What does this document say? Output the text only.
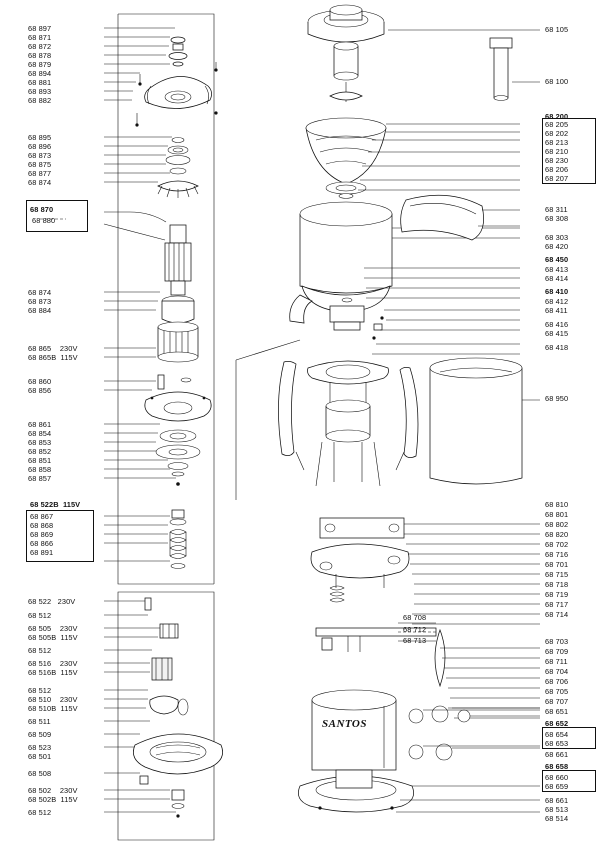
68 897
68 871
68 872
68 878
68 879
68 894
68 881
68 893
68 882
68 895
68 896
68 873
68 875
68 877
68 874
68 870
68 880
68 874
68 873
68 884
68 865    230V
68 865B  115V
68 860
68 856
68 861
68 854
68 853
68 852
68 851
68 858
68 857
68 522B  115V
68 867
68 868
68 869
68 866
68 891
68 522   230V
68 512
68 505    230V
68 505B  115V
68 512
68 516    230V
68 516B  115V
68 512
68 510    230V
68 510B  115V
68 511
68 509
68 523
68 501
68 508
68 502    230V
68 502B  115V
68 512
68 105
68 100
68 200
68 205
68 202
68 213
68 210
68 230
68 206
68 207
68 311
68 308
68 303
68 420
68 450
68 413
68 414
68 410
68 412
68 411
68 416
68 415
68 418
68 950
68 810
68 801
68 802
68 820
68 702
68 716
68 701
68 715
68 718
68 719
68 717
68 714
68 708
68 712
68 713	68 703
68 709
68 711
68 704
68 706
68 705
68 707
68 651
68 652
68 654
68 653
68 661
68 658
68 660
68 659
68 661
68 513
68 514
SANTOS
